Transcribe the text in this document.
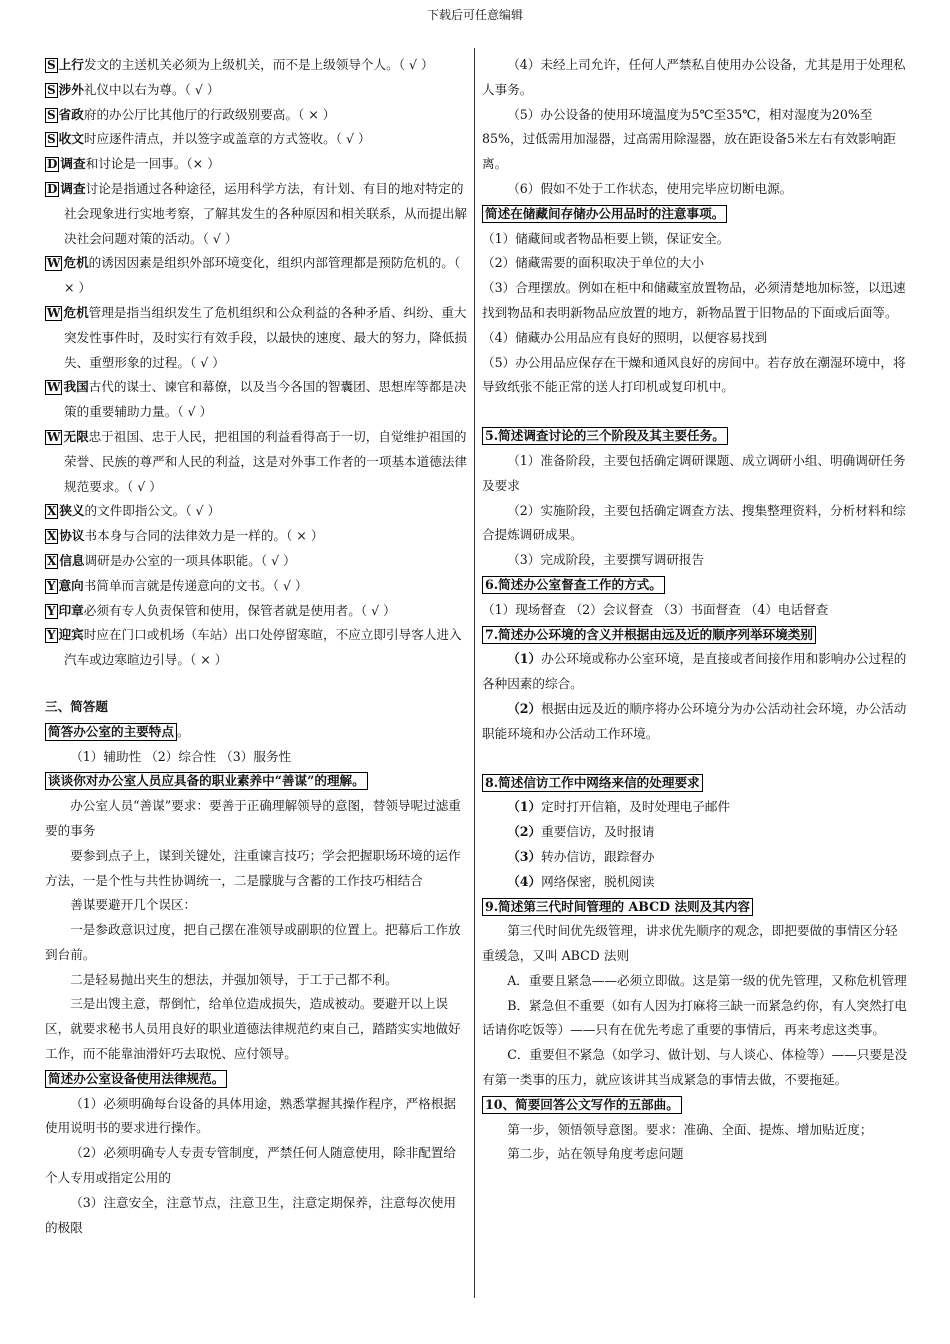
下载后可任意编辑
S 上行发文的主送机关必须为上级机关，而不是上级领导个人。（ √ ）
S 涉外礼仪中以右为尊。（ √ ）
S 省政府的办公厅比其他厅的行政级别要高。（ × ）
S 收文时应逐件清点，并以签字或盖章的方式签收。（ √ ）
D 调查和讨论是一回事。（× ）
D 调查讨论是指通过各种途径，运用科学方法，有计划、有目的地对特定的社会现象进行实地考察，了解其发生的各种原因和相关联系，从而提出解决社会问题对策的活动。（ √ ）
W 危机的诱因因素是组织外部环境变化，组织内部管理都是预防危机的。（ × ）
W 危机管理是指当组织发生了危机组织和公众利益的各种矛盾、纠纷、重大突发性事件时，及时实行有效手段，以最快的速度、最大的努力，降低损失、重塑形象的过程。（ √ ）
W 我国古代的谋士、谏官和幕僚，以及当今各国的智囊团、思想库等都是决策的重要辅助力量。（ √ ）
W 无限忠于祖国、忠于人民，把祖国的利益看得高于一切，自觉维护祖国的荣誉、民族的尊严和人民的利益，这是对外事工作者的一项基本道德法律规范要求。（ √ ）
X 狭义的文件即指公文。（ √ ）
X 协议书本身与合同的法律效力是一样的。（ × ）
X 信息调研是办公室的一项具体职能。（ √ ）
Y 意向书简单而言就是传递意向的文书。（ √ ）
Y 印章必须有专人负责保管和使用，保管者就是使用者。（ √ ）
Y 迎宾时应在门口或机场（车站）出口处停留寒暄，不应立即引导客人进入汽车或边寒暄边引导。（ × ）
三、简答题
简答办公室的主要特点 。
（1）辅助性 （2）综合性 （3）服务性
谈谈你对办公室人员应具备的职业素养中“善谋”的理解。
办公室人员“善谋”要求：要善于正确理解领导的意图，替领导呢过滤重要的事务
要参到点子上，谋到关键处，注重谏言技巧；学会把握职场环境的运作方法，一是个性与共性协调统一，二是朦胧与含蓄的工作技巧相结合
善谋要避开几个误区：
一是参政意识过度，把自己摆在准领导或副职的位置上。把幕后工作放到台前。
二是轻易抛出夹生的想法，并强加领导，于工于己都不利。
三是出馊主意，帮倒忙，给单位造成损失，造成被动。要避开以上误区，就要求秘书人员用良好的职业道德法律规范约束自己，踏踏实实地做好工作，而不能靠油滑奸巧去取悦、应付领导。
简述办公室设备使用法律规范。
（1）必须明确每台设备的具体用途，熟悉掌握其操作程序，严格根据使用说明书的要求进行操作。
（2）必须明确专人专责专管制度，严禁任何人随意使用，除非配置给个人专用或指定公用的
（3）注意安全，注意节点，注意卫生，注意定期保养，注意每次使用的极限
（4）未经上司允许，任何人严禁私自使用办公设备，尤其是用于处理私人事务。
（5）办公设备的使用环境温度为5℃至35℃，相对湿度为20%至85%，过低需用加湿器，过高需用除湿器，放在距设备5米左右有效影响距离。
（6）假如不处于工作状态，使用完毕应切断电源。
简述在储藏间存储办公用品时的注意事项。
（1）储藏间或者物品柜要上锁，保证安全。
（2）储藏需要的面积取决于单位的大小
（3）合理摆放。例如在柜中和储藏室放置物品，必须清楚地加标签，以迅速找到物品和表明新物品应放置的地方，新物品置于旧物品的下面或后面等。
（4）储藏办公用品应有良好的照明，以便容易找到
（5）办公用品应保存在干燥和通风良好的房间中。若存放在潮湿环境中，将导致纸张不能正常的送人打印机或复印机中。
5.简述调查讨论的三个阶段及其主要任务。
（1）准备阶段，主要包括确定调研课题、成立调研小组、明确调研任务及要求
（2）实施阶段，主要包括确定调查方法、搜集整理资料，分析材料和综合提炼调研成果。
（3）完成阶段，主要撰写调研报告
6.简述办公室督查工作的方式。
（1）现场督查 （2）会议督查 （3）书面督查 （4）电话督查
7.简述办公环境的含义并根据由远及近的顺序列举环境类别
（1）办公环境或称办公室环境，是直接或者间接作用和影响办公过程的各种因素的综合。
（2）根据由远及近的顺序将办公环境分为办公活动社会环境，办公活动职能环境和办公活动工作环境。
8.简述信访工作中网络来信的处理要求
（1）定时打开信箱，及时处理电子邮件
（2）重要信访，及时报请
（3）转办信访，跟踪督办
（4）网络保密，脱机阅读
9.简述第三代时间管理的 ABCD 法则及其内容
第三代时间优先级管理，讲求优先顺序的观念，即把要做的事情区分轻重缓急，又叫 ABCD 法则
A．重要且紧急——必须立即做。这是第一级的优先管理，又称危机管理
B．紧急但不重要（如有人因为打麻将三缺一而紧急约你，有人突然打电话请你吃饭等）——只有在优先考虑了重要的事情后，再来考虑这类事。
C．重要但不紧急（如学习、做计划、与人谈心、体检等）——只要是没有第一类事的压力，就应该讲其当成紧急的事情去做，不要拖延。
10、简要回答公文写作的五部曲。
第一步，领悟领导意图。要求：准确、全面、提炼、增加贴近度；
第二步，站在领导角度考虑问题
